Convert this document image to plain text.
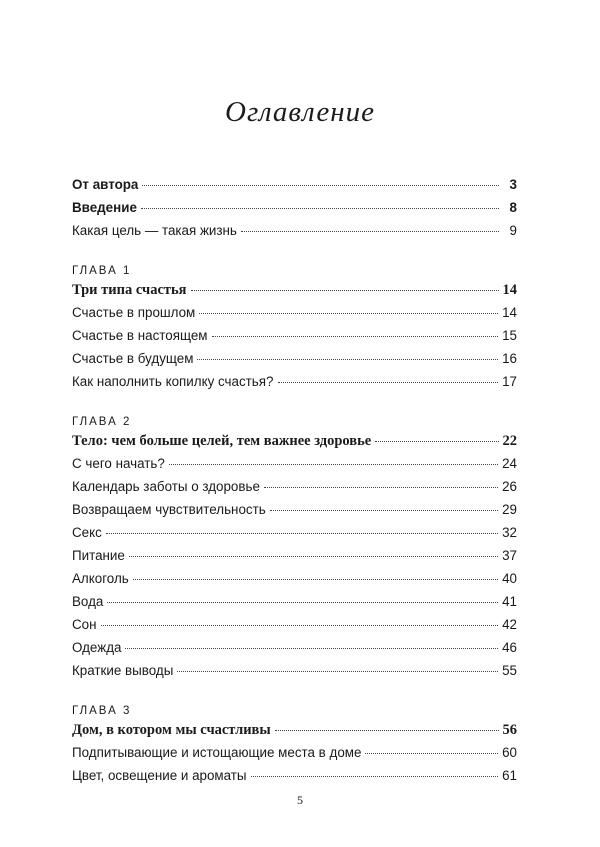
Оглавление
От автора	3
Введение	8
Какая цель — такая жизнь	9
ГЛАВА 1
Три типа счастья	14
Счастье в прошлом	14
Счастье в настоящем	15
Счастье в будущем	16
Как наполнить копилку счастья?	17
ГЛАВА 2
Тело: чем больше целей, тем важнее здоровье	22
С чего начать?	24
Календарь заботы о здоровье	26
Возвращаем чувствительность	29
Секс	32
Питание	37
Алкоголь	40
Вода	41
Сон	42
Одежда	46
Краткие выводы	55
ГЛАВА 3
Дом, в котором мы счастливы	56
Подпитывающие и истощающие места в доме	60
Цвет, освещение и ароматы	61
5
